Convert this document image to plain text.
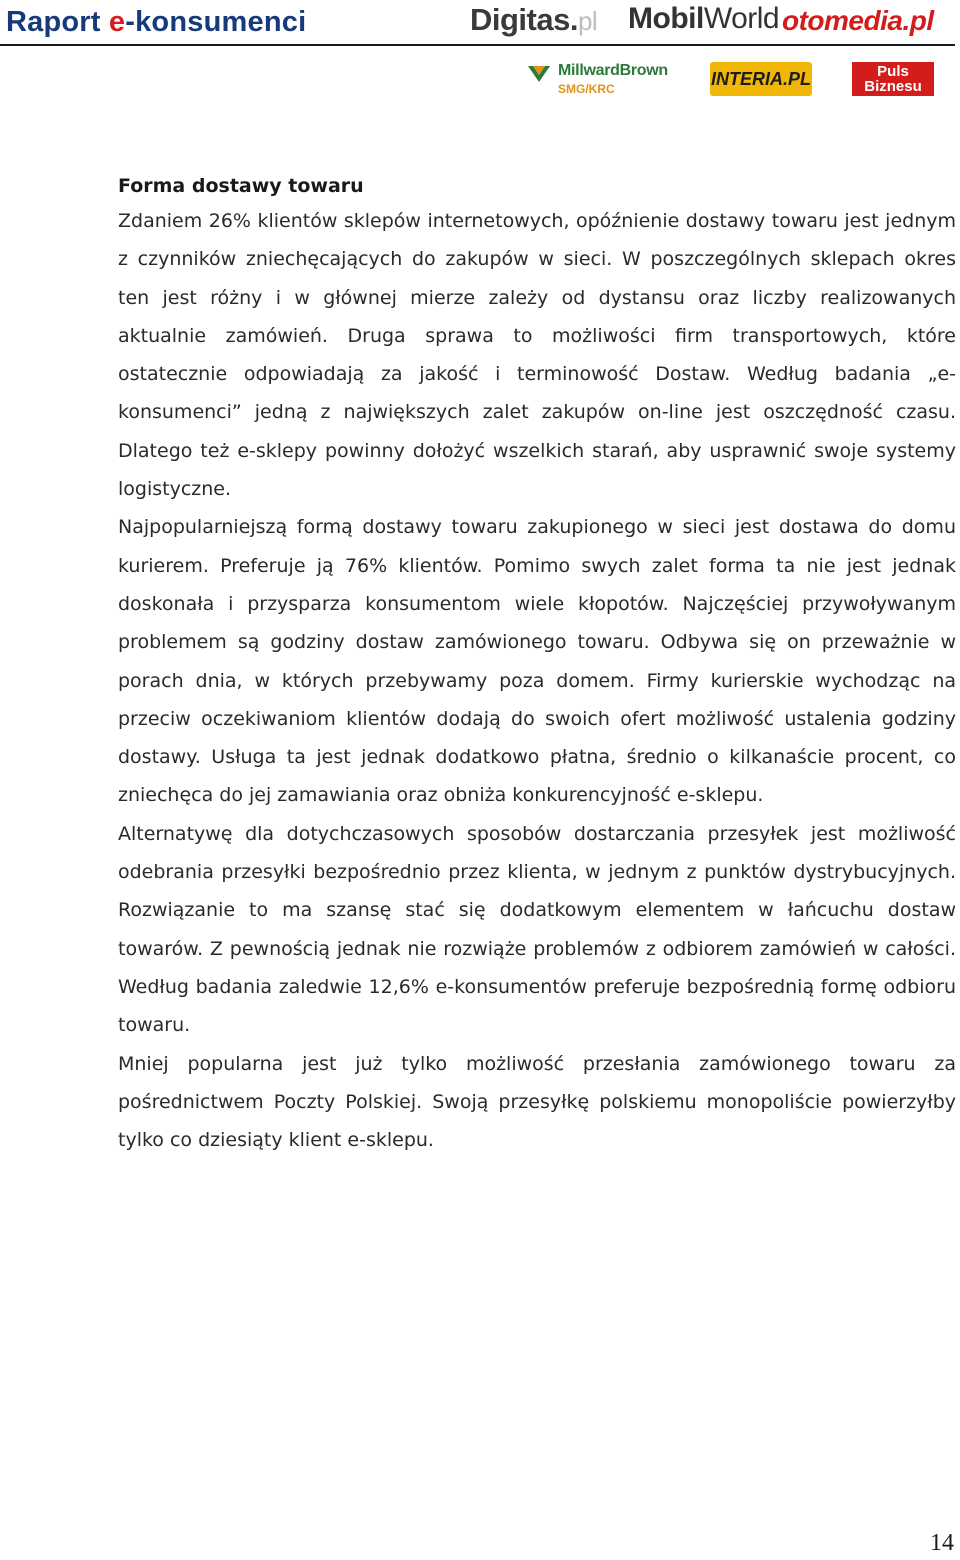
Raport e-konsumenci	Digitas.pl MobilWorld otomedia.pl
MillwardBrown
SMG/KRC
INTERIA.PL	Puls
Biznesu
Forma dostawy towaru

Zdaniem 26% klientów sklepów internetowych, opóźnienie dostawy towaru jest jednym z czynników zniechęcających do zakupów w sieci. W poszczególnych sklepach okres ten jest różny i w głównej mierze zależy od dystansu oraz liczby realizowanych aktualnie zamówień. Druga sprawa to możliwości firm transportowych, które ostatecznie odpowiadają za jakość i terminowość Dostaw. Według badania „e-konsumenci” jedną z największych zalet zakupów on-line jest oszczędność czasu. Dlatego też e-sklepy powinny dołożyć wszelkich starań, aby usprawnić swoje systemy logistyczne.

Najpopularniejszą formą dostawy towaru zakupionego w sieci jest dostawa do domu kurierem. Preferuje ją 76% klientów. Pomimo swych zalet forma ta nie jest jednak doskonała i przysparza konsumentom wiele kłopotów. Najczęściej przywoływanym problemem są godziny dostaw zamówionego towaru. Odbywa się on przeważnie w porach dnia, w których przebywamy poza domem. Firmy kurierskie wychodząc na przeciw oczekiwaniom klientów dodają do swoich ofert możliwość ustalenia godziny dostawy. Usługa ta jest jednak dodatkowo płatna, średnio o kilkanaście procent, co zniechęca do jej zamawiania oraz obniża konkurencyjność e-sklepu.

Alternatywę dla dotychczasowych sposobów dostarczania przesyłek jest możliwość odebrania przesyłki bezpośrednio przez klienta, w jednym z punktów dystrybucyjnych. Rozwiązanie to ma szansę stać się dodatkowym elementem w łańcuchu dostaw towarów. Z pewnością jednak nie rozwiąże problemów z odbiorem zamówień w całości. Według badania zaledwie 12,6% e-konsumentów preferuje bezpośrednią formę odbioru towaru.

Mniej popularna jest już tylko możliwość przesłania zamówionego towaru za pośrednictwem Poczty Polskiej. Swoją przesyłkę polskiemu monopoliście powierzyłby tylko co dziesiąty klient e-sklepu.

14
